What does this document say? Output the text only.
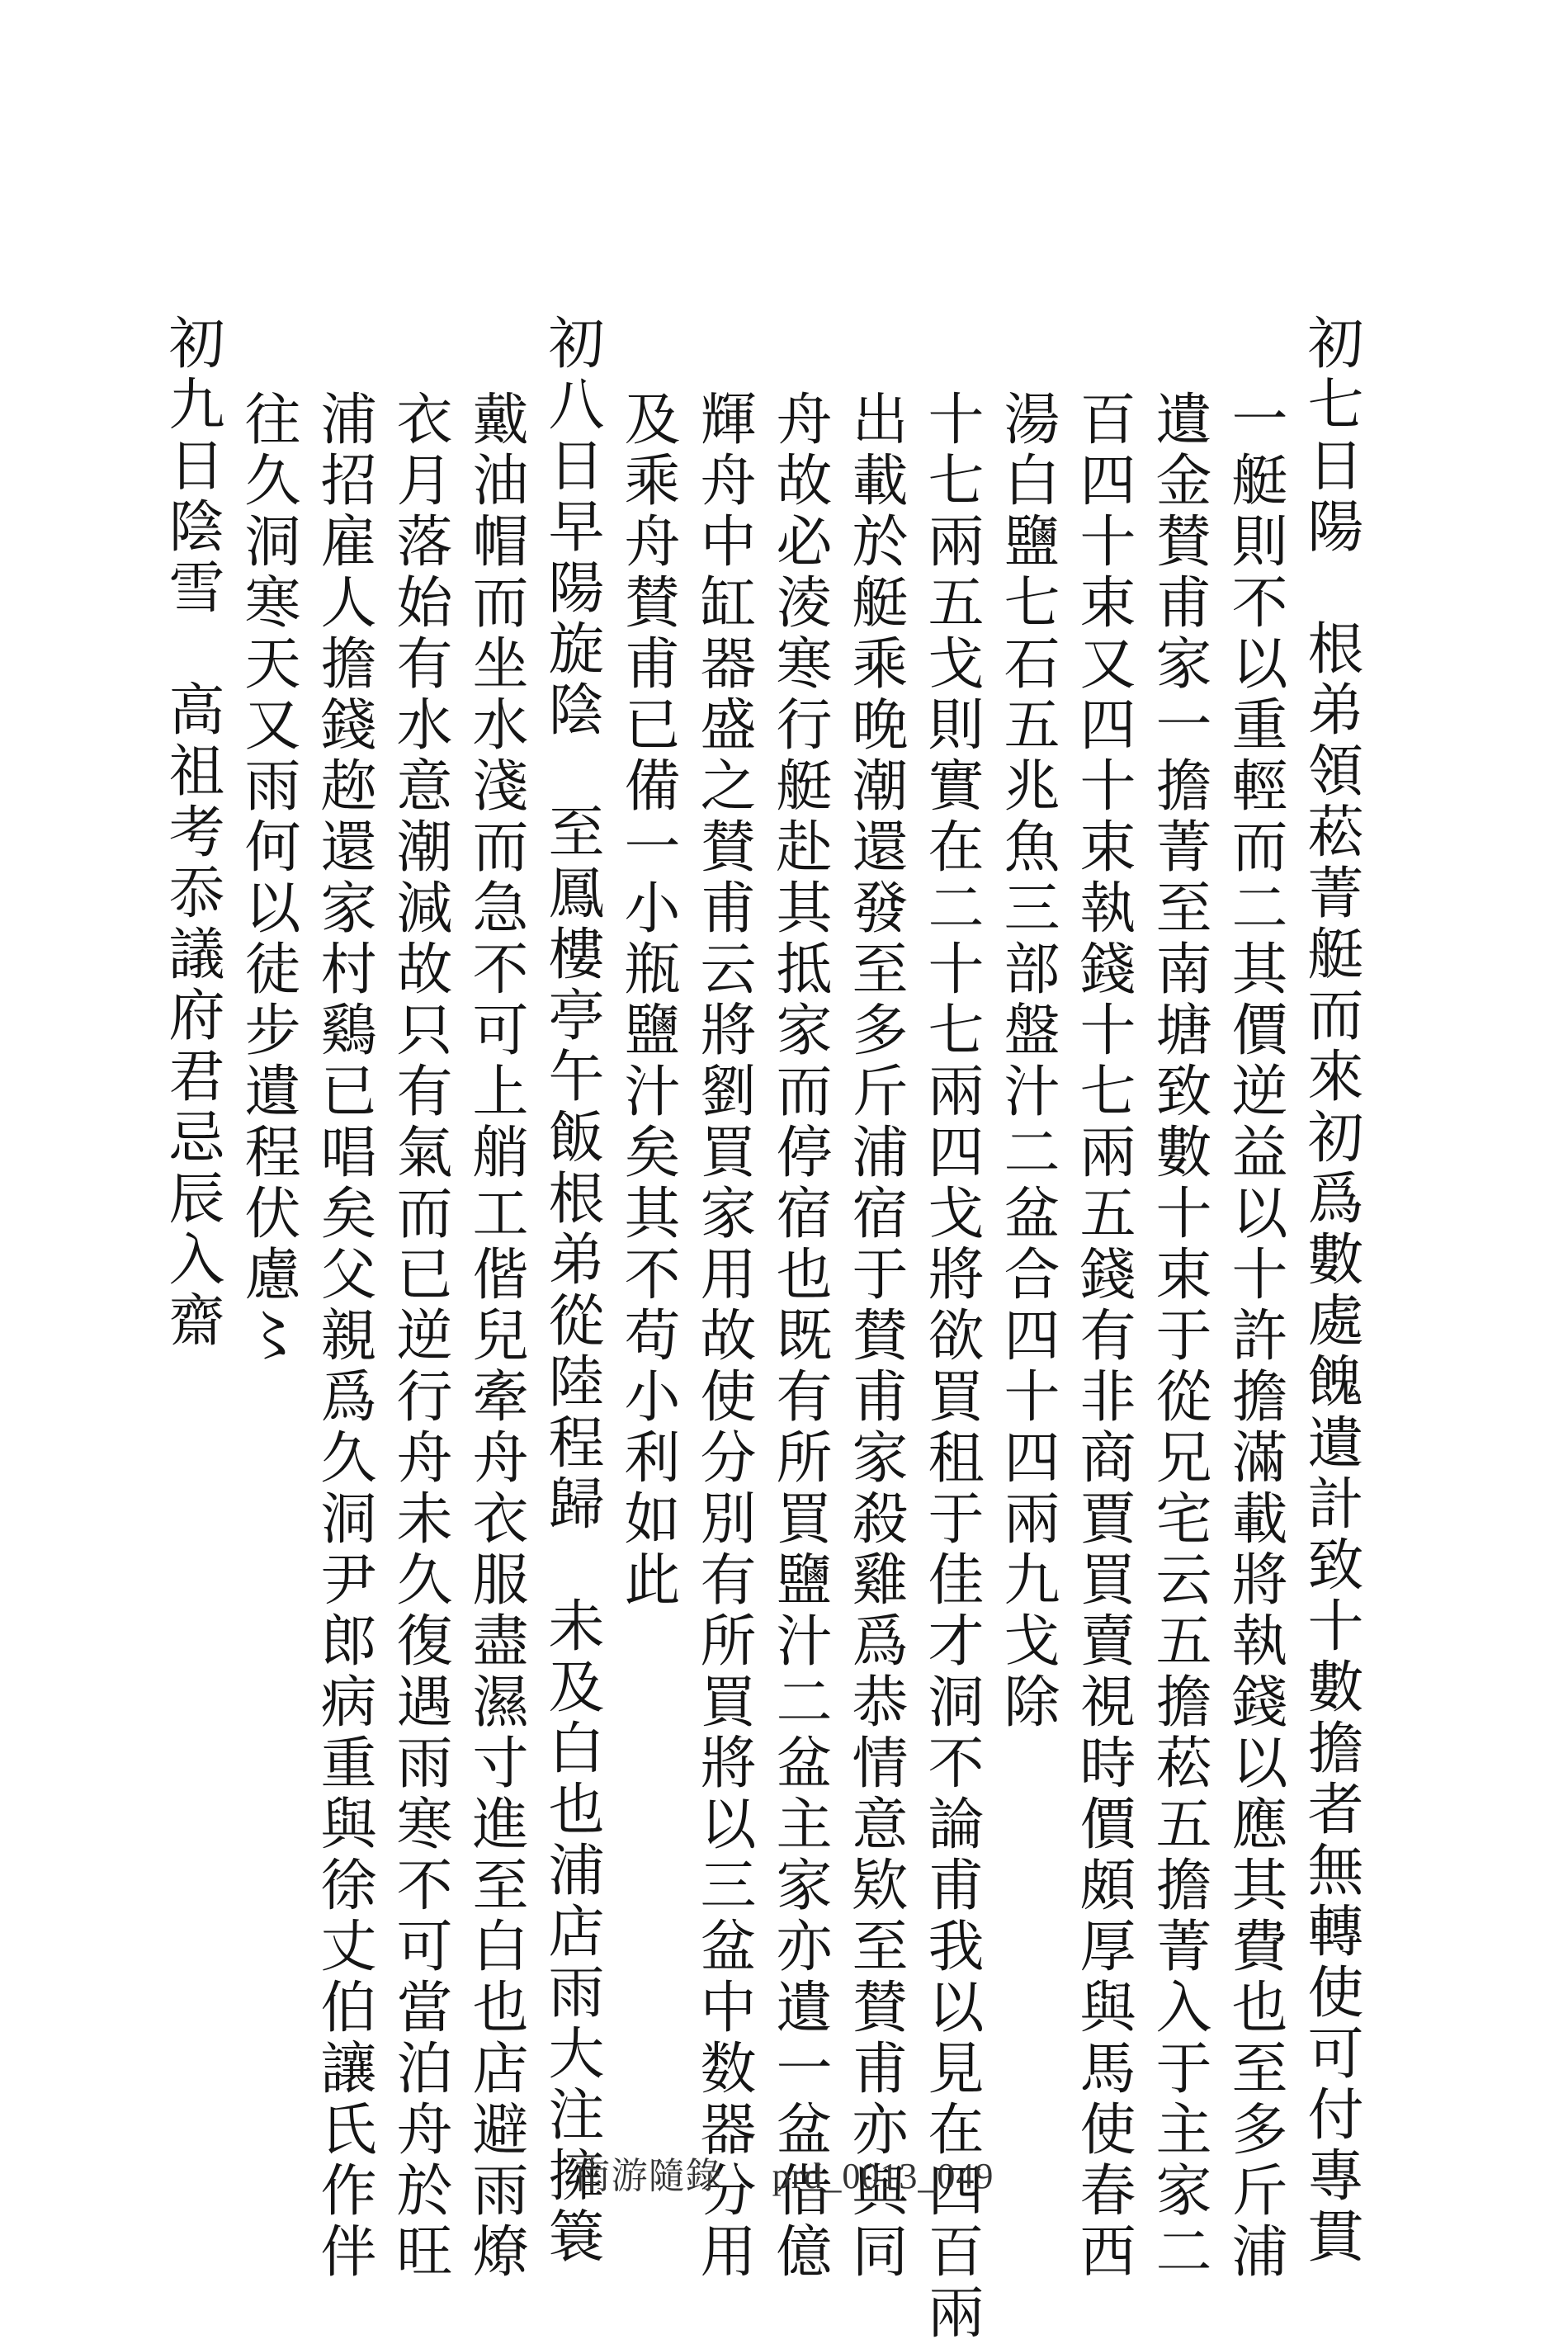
初七日陽　根弟領菘菁艇而來初爲數處餽遺計致十數擔者無轉使可付專貫
一艇則不以重輕而二其價逆益以十許擔滿載將執錢以應其費也至多斤浦
遺金賛甫家一擔菁至南塘致數十束于從兄宅云五擔菘五擔菁入于主家二
百四十束又四十束執錢十七兩五錢有非商賈買賣視時價頗厚與馬使春西
湯白鹽七石五兆魚三部盤汁二盆合四十四兩九戈除
十七兩五戈則實在二十七兩四戈將欲買租于佳才洞不論甫我以見在四百兩
出載於艇乘晚潮還發至多斤浦宿于賛甫家殺雞爲恭情意欵至賛甫亦與同
舟故必淩寒行艇赴其抵家而停宿也既有所買鹽汁二盆主家亦遺一盆借億
輝舟中缸器盛之賛甫云將劉買家用故使分別有所買將以三盆中数器分用
及乘舟賛甫已備一小瓶鹽汁矣其不苟小利如此
初八日早陽旋陰　至鳳樓亭午飯根弟從陸程歸　未及白也浦店雨大注擁簑
戴油帽而坐水淺而急不可上艄工偕兒牽舟衣服盡濕寸進至白也店避雨燎
衣月落始有水意潮減故只有氣而已逆行舟未久復遇雨寒不可當泊舟於旺
浦招雇人擔錢趂還家村鷄已唱矣父親爲久洞尹郎病重與徐丈伯讓氏作伴
往久洞寒天又雨何以徒步遺程伏慮〻
初九日陰雪　高祖考忝議府君忌辰入齋
南游隨錄 prd_0013_049
